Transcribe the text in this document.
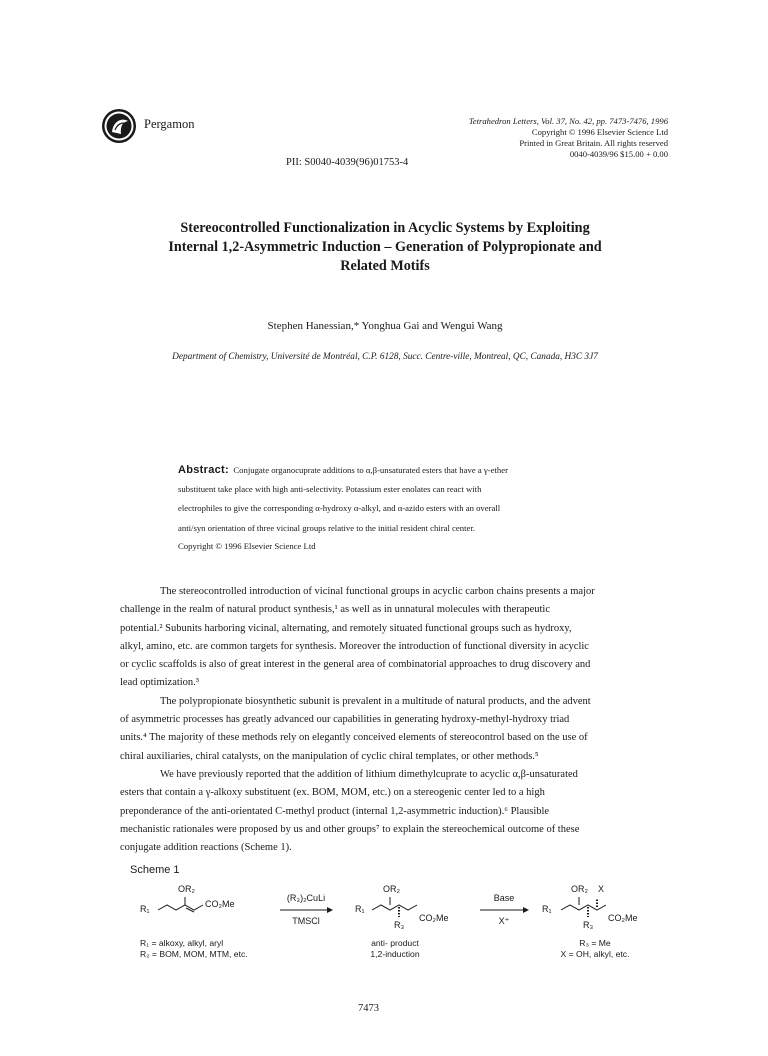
Pergamon	Tetrahedron Letters, Vol. 37, No. 42, pp. 7473-7476, 1996
Copyright © 1996 Elsevier Science Ltd
Printed in Great Britain. All rights reserved
0040-4039/96 $15.00 + 0.00
PII: S0040-4039(96)01753-4
Stereocontrolled Functionalization in Acyclic Systems by Exploiting
Internal 1,2-Asymmetric Induction – Generation of Polypropionate and
Related Motifs
Stephen Hanessian,* Yonghua Gai and Wengui Wang
Department of Chemistry, Université de Montréal, C.P. 6128, Succ. Centre-ville, Montreal, QC, Canada, H3C 3J7
Abstract: Conjugate organocuprate additions to α,β-unsaturated esters that have a γ-ether
substituent take place with high anti-selectivity. Potassium ester enolates can react with
electrophiles to give the corresponding α-hydroxy α-alkyl, and α-azido esters with an overall
anti/syn orientation of three vicinal groups relative to the initial resident chiral center.
Copyright © 1996 Elsevier Science Ltd
The stereocontrolled introduction of vicinal functional groups in acyclic carbon chains presents a major
challenge in the realm of natural product synthesis,¹ as well as in unnatural molecules with therapeutic
potential.² Subunits harboring vicinal, alternating, and remotely situated functional groups such as hydroxy,
alkyl, amino, etc. are common targets for synthesis. Moreover the introduction of functional diversity in acyclic
or cyclic scaffolds is also of great interest in the general area of combinatorial approaches to drug discovery and
lead optimization.³
The polypropionate biosynthetic subunit is prevalent in a multitude of natural products, and the advent
of asymmetric processes has greatly advanced our capabilities in generating hydroxy-methyl-hydroxy triad
units.⁴ The majority of these methods rely on elegantly conceived elements of stereocontrol based on the use of
chiral auxiliaries, chiral catalysts, on the manipulation of cyclic chiral templates, or other methods.⁵
We have previously reported that the addition of lithium dimethylcuprate to acyclic α,β-unsaturated
esters that contain a γ-alkoxy substituent (ex. BOM, MOM, etc.) on a stereogenic center led to a high
preponderance of the anti-orientated C-methyl product (internal 1,2-asymmetric induction).⁶ Plausible
mechanistic rationales were proposed by us and other groups⁷ to explain the stereochemical outcome of these
conjugate addition reactions (Scheme 1).
Scheme 1
R₁
OR₂
CO₂Me
(R₃)₂CuLi
TMSCl
R₁
OR₂
CO₂Me
R₃
Base
X⁺
R₁
OR₂ X
CO₂Me
R₃
R₁ = alkoxy, alkyl, aryl
R₂ = BOM, MOM, MTM, etc.
anti- product
1,2-induction
R₃ = Me
X = OH, alkyl, etc.
7473
